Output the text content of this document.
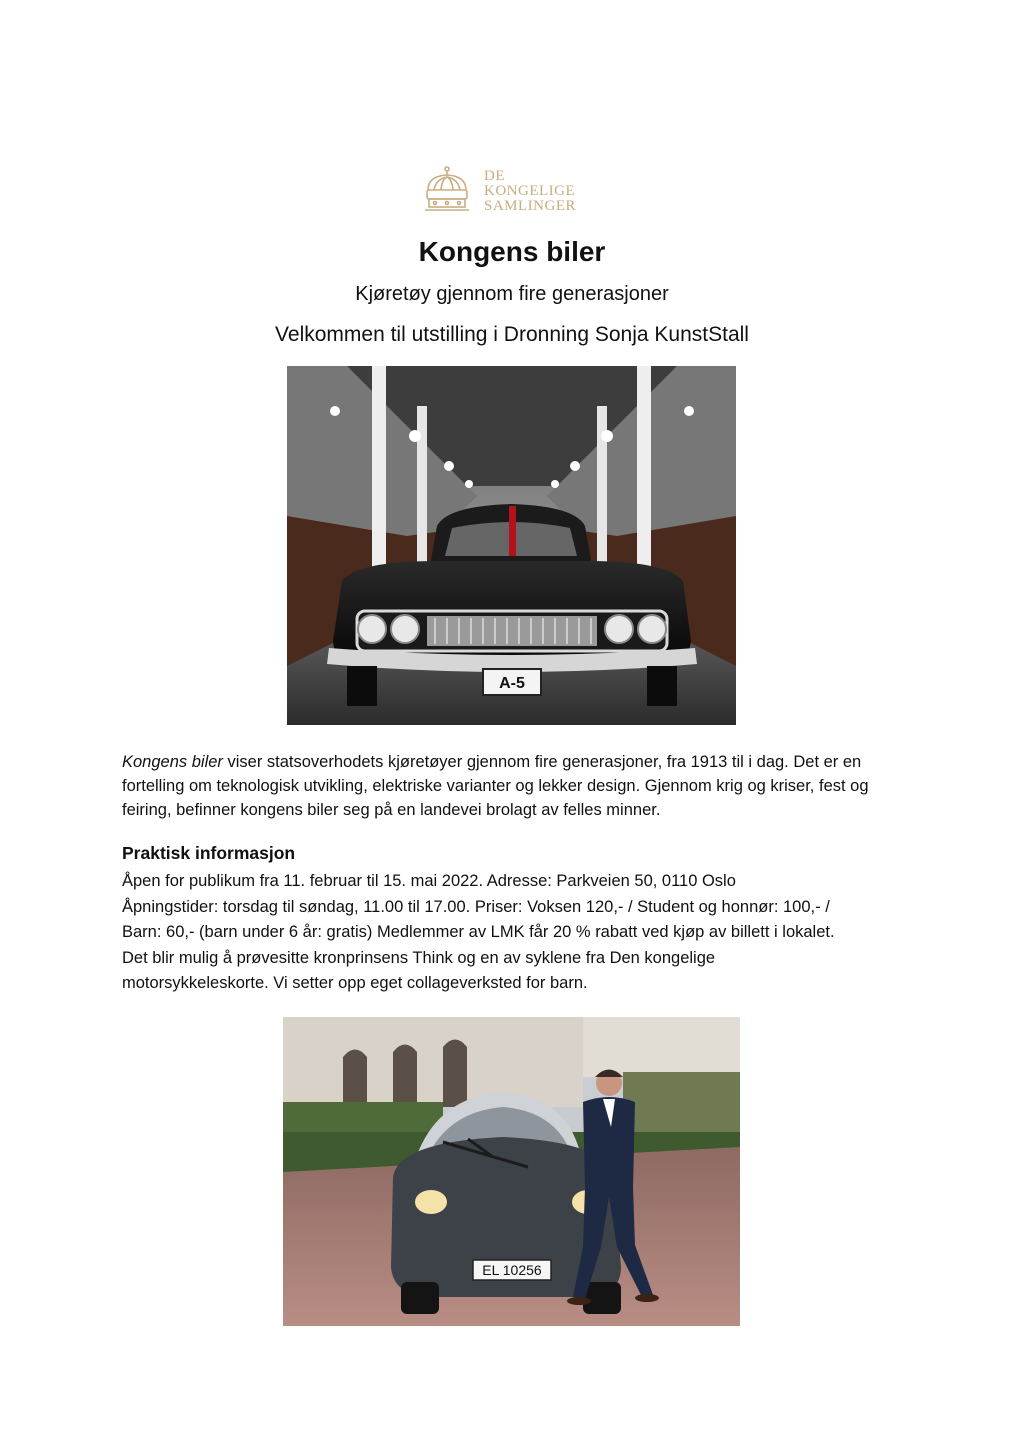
DE
KONGELIGE
SAMLINGER
Kongens biler

Kjøretøy gjennom fire generasjoner

Velkommen til utstilling i Dronning Sonja KunstStall

A-5

Kongens biler viser statsoverhodets kjøretøyer gjennom fire generasjoner, fra 1913 til i dag. Det er en fortelling om teknologisk utvikling, elektriske varianter og lekker design. Gjennom krig og kriser, fest og feiring, befinner kongens biler seg på en landevei brolagt av felles minner.

Praktisk informasjon

Åpen for publikum fra 11. februar til 15. mai 2022. Adresse: Parkveien 50, 0110 Oslo
Åpningstider: torsdag til søndag, 11.00 til 17.00. Priser: Voksen 120,- / Student og honnør: 100,- /
Barn: 60,- (barn under 6 år: gratis) Medlemmer av LMK får 20 % rabatt ved kjøp av billett i lokalet.
Det blir mulig å prøvesitte kronprinsens Think og en av syklene fra Den kongelige
motorsykkeleskorte. Vi setter opp eget collageverksted for barn.

EL 10256
